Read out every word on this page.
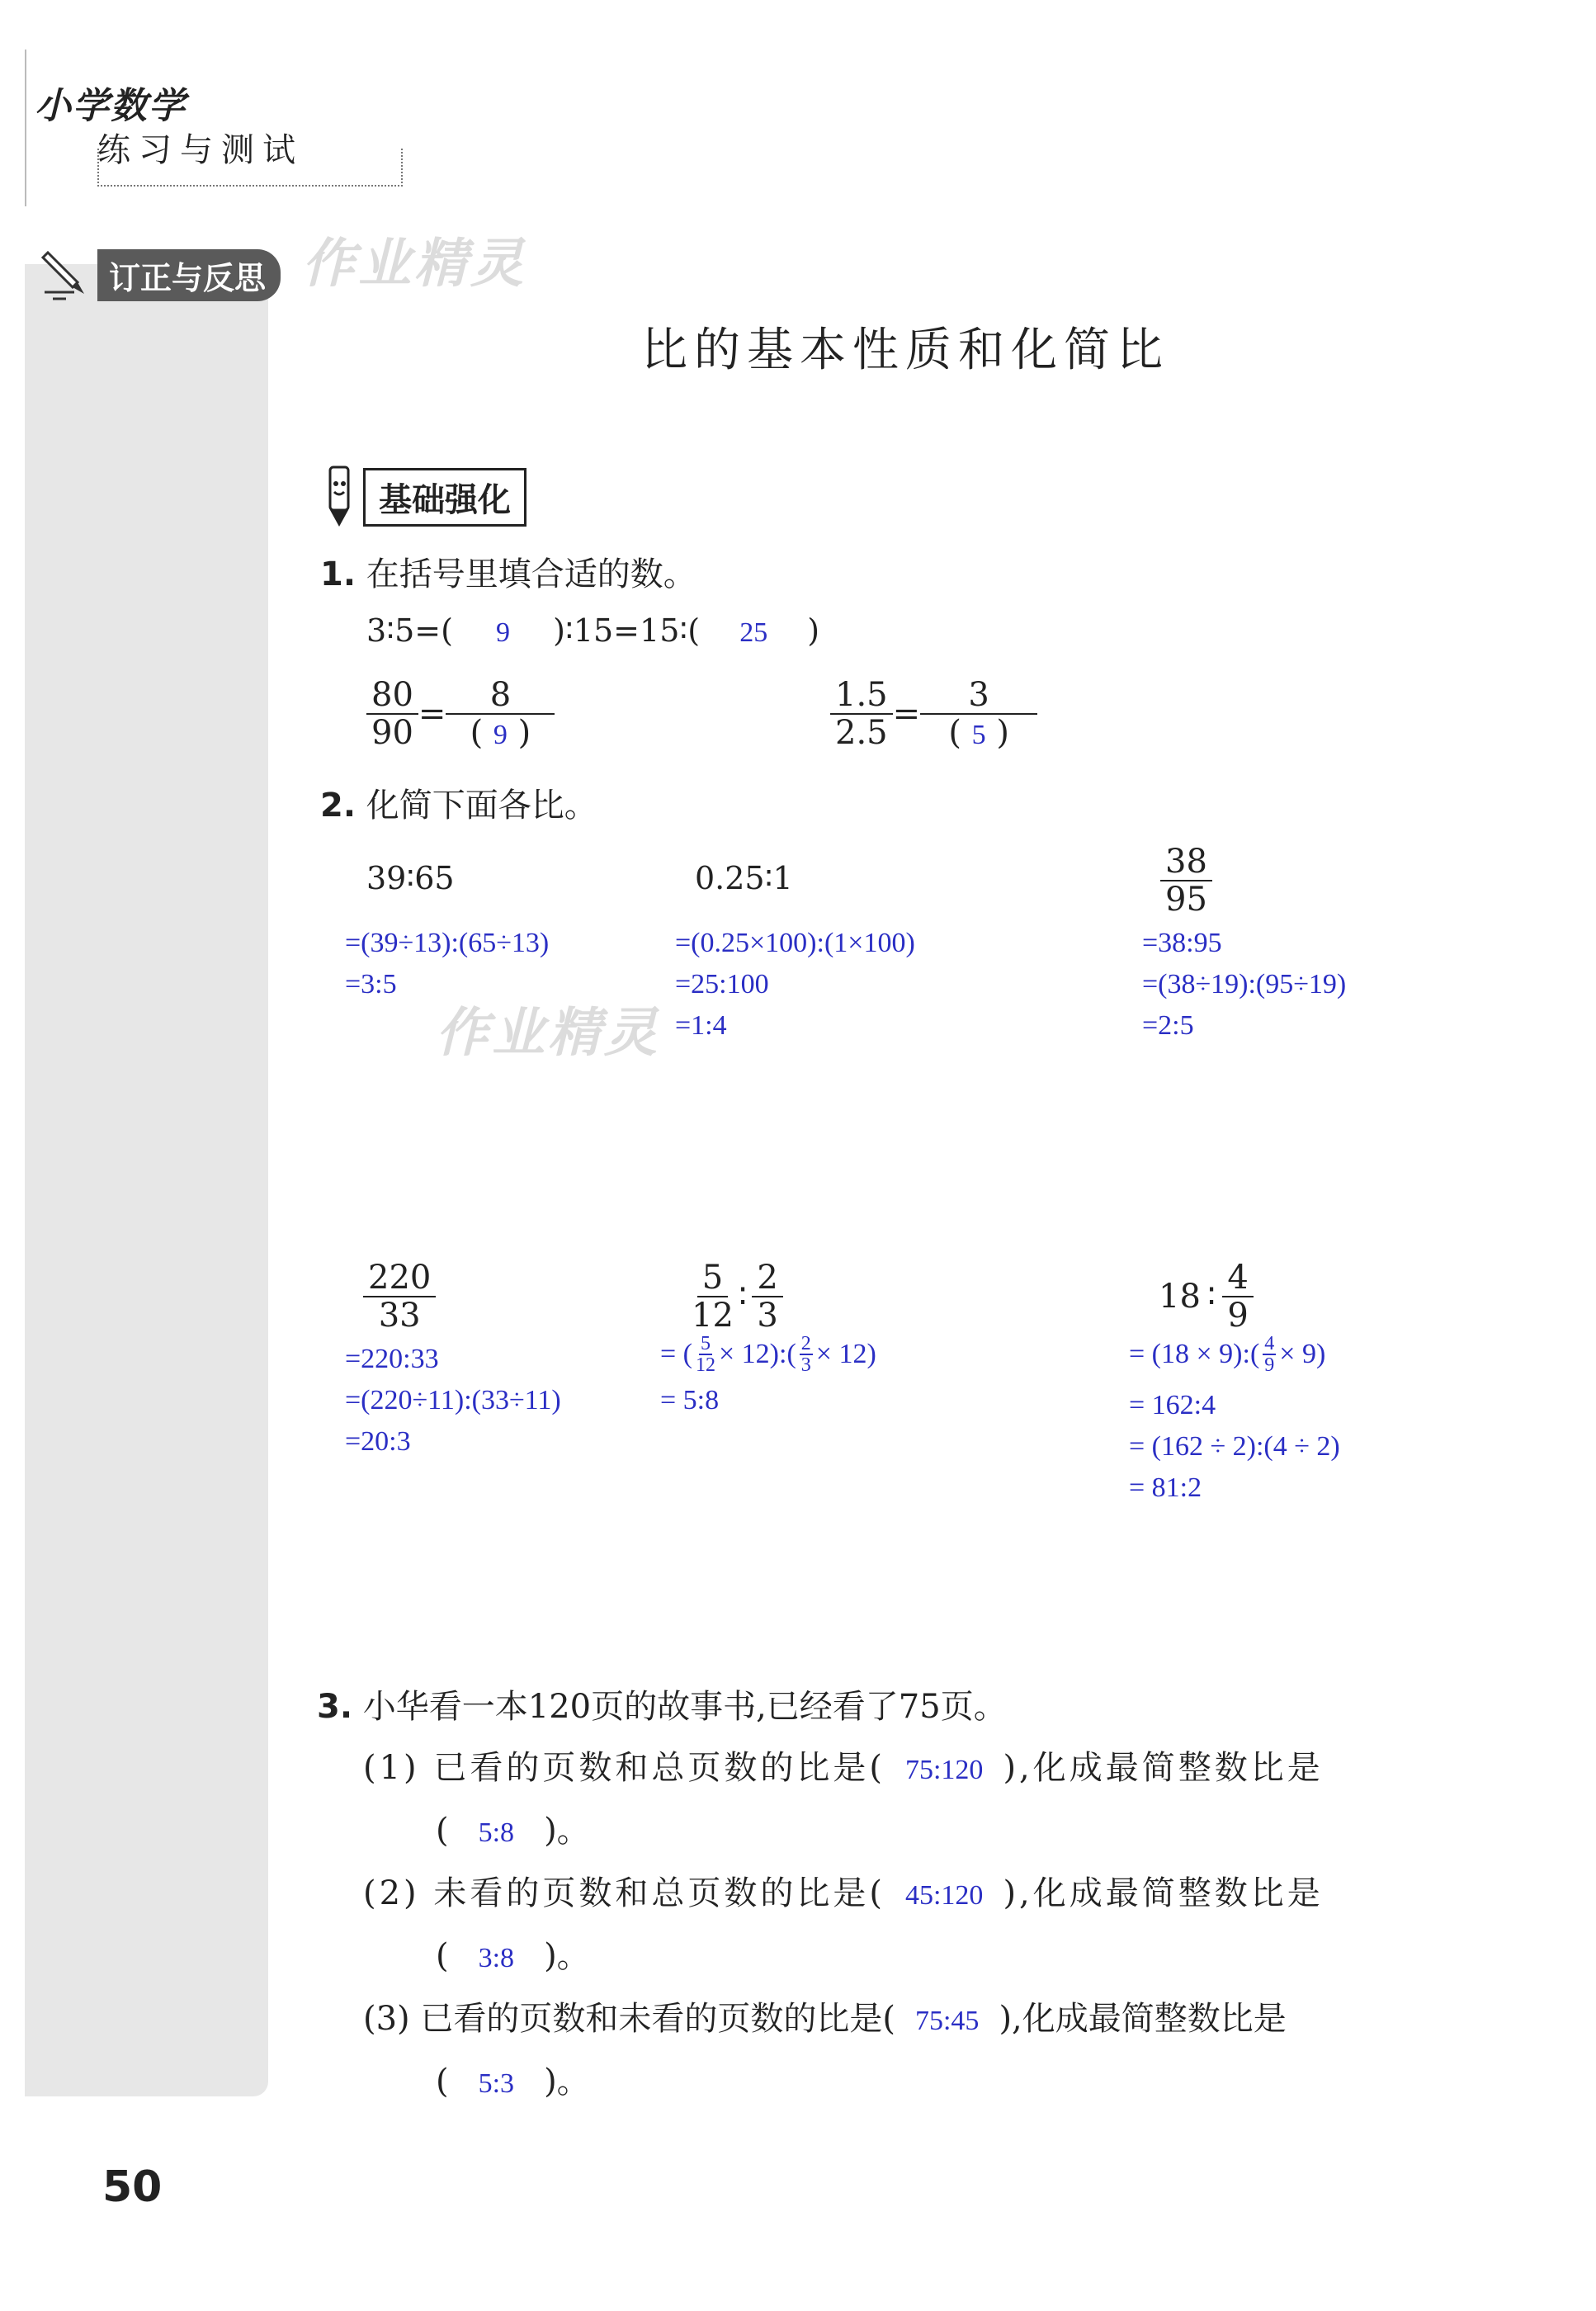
小学数学
练习与测试
订正与反思 作业精灵
作业精灵
比的基本性质和化简比
基础强化
1. 在括号里填合适的数。
3∶5=( 9 )∶15=15∶( 25 )
$\frac{80}{90} = \frac{8}{( 9 )}$	$\frac{1.5}{2.5} = \frac{3}{( 5 )}$
2. 化简下面各比。
39∶65
=(39÷13):(65÷13)
=3:5
0.25∶1
=(0.25×100):(1×100)
=25:100
=1:4
$\frac{38}{95}$
=38:95
=(38÷19):(95÷19)
=2:5
$\frac{220}{33}$
=220:33
=(220÷11):(33÷11)
=20:3
$\frac{5}{12}$ ∶ $\frac{2}{3}$
= ( $\frac{5}{12}$ × 12):( $\frac{2}{3} \times 12$)
= 5:8
18 ∶ $\frac{4}{9}$
= (18 × 9):( $\frac{4}{9} \times 9$)
= 162:4
= (162 ÷ 2):(4 ÷ 2)
= 81:2
3. 小华看一本120页的故事书,已经看了75页。
(1) 已看的页数和总页数的比是( 75:120 ),化成最简整数比是
( 5:8 )。
(2) 未看的页数和总页数的比是( 45:120 ),化成最简整数比是
( 3:8 )。
(3) 已看的页数和未看的页数的比是( 75:45 ),化成最简整数比是
( 5:3 )。
50
